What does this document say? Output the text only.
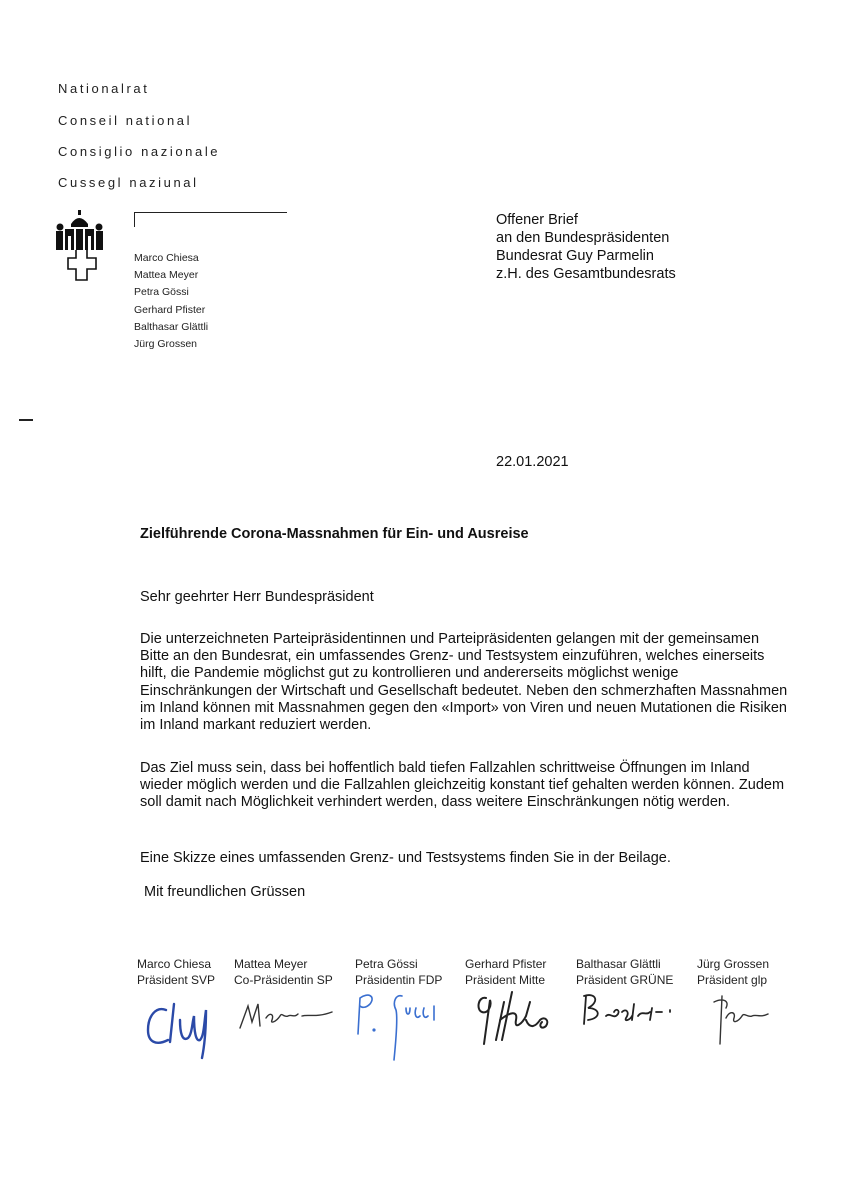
Nationalrat
Conseil national
Consiglio nazionale
Cussegl naziunal
Marco Chiesa
Mattea Meyer
Petra Gössi
Gerhard Pfister
Balthasar Glättli
Jürg Grossen
Offener Brief
an den Bundespräsidenten
Bundesrat Guy Parmelin
z.H. des Gesamtbundesrats
22.01.2021
Zielführende Corona-Massnahmen für Ein- und Ausreise
Sehr geehrter Herr Bundespräsident
Die unterzeichneten Parteipräsidentinnen und Parteipräsidenten gelangen mit der gemeinsamen Bitte an den Bundesrat, ein umfassendes Grenz- und Testsystem einzuführen, welches einerseits hilft, die Pandemie möglichst gut zu kontrollieren und andererseits möglichst wenige Einschränkungen der Wirtschaft und Gesellschaft bedeutet. Neben den schmerzhaften Massnahmen im Inland können mit Massnahmen gegen den «Import» von Viren und neuen Mutationen die Risiken im Inland markant reduziert werden.
Das Ziel muss sein, dass bei hoffentlich bald tiefen Fallzahlen schrittweise Öffnungen im Inland wieder möglich werden und die Fallzahlen gleichzeitig konstant tief gehalten werden können. Zudem soll damit nach Möglichkeit verhindert werden, dass weitere Einschränkungen nötig werden.
Eine Skizze eines umfassenden Grenz- und Testsystems finden Sie in der Beilage.
Mit freundlichen Grüssen
Marco Chiesa
Präsident SVP
Mattea Meyer
Co-Präsidentin SP
Petra Gössi
Präsidentin FDP
Gerhard Pfister
Präsident Mitte
Balthasar Glättli
Präsident GRÜNE
Jürg Grossen
Präsident glp
